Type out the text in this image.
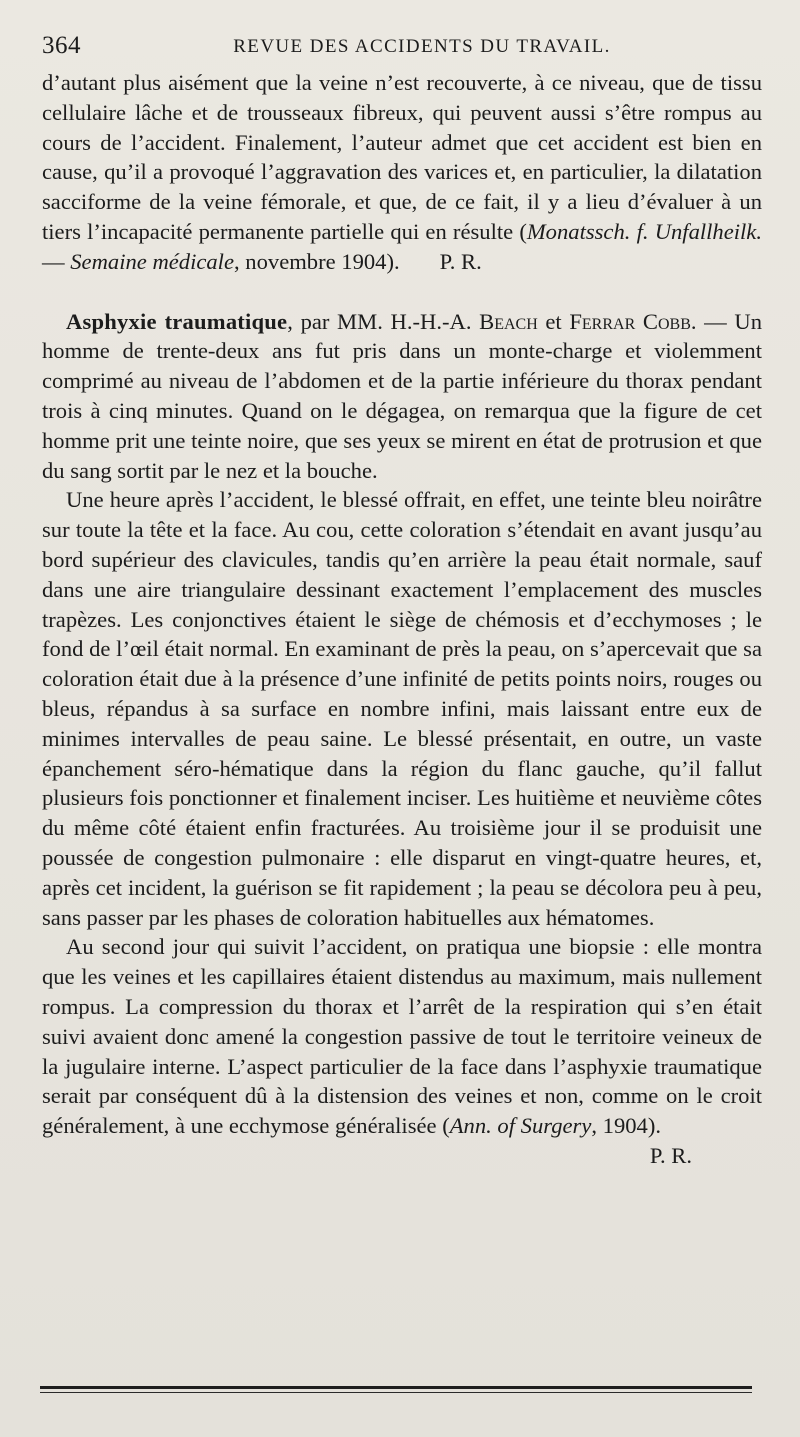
364	REVUE DES ACCIDENTS DU TRAVAIL.

d’autant plus aisément que la veine n’est recouverte, à ce niveau, que de tissu cellulaire lâche et de trousseaux fibreux, qui peuvent aussi s’être rompus au cours de l’accident. Finalement, l’auteur admet que cet accident est bien en cause, qu’il a provoqué l’aggravation des varices et, en particulier, la dilatation sacciforme de la veine fémorale, et que, de ce fait, il y a lieu d’évaluer à un tiers l’incapacité permanente partielle qui en résulte (Monatssch. f. Unfallheilk. — Semaine médicale, novembre 1904). P. R.

Asphyxie traumatique, par MM. H.-H.-A. Beach et Ferrar Cobb. — Un homme de trente-deux ans fut pris dans un monte-charge et violemment comprimé au niveau de l’abdomen et de la partie inférieure du thorax pendant trois à cinq minutes. Quand on le dégagea, on remarqua que la figure de cet homme prit une teinte noire, que ses yeux se mirent en état de protrusion et que du sang sortit par le nez et la bouche.

Une heure après l’accident, le blessé offrait, en effet, une teinte bleu noirâtre sur toute la tête et la face. Au cou, cette coloration s’étendait en avant jusqu’au bord supérieur des clavicules, tandis qu’en arrière la peau était normale, sauf dans une aire triangulaire dessinant exactement l’emplacement des muscles trapèzes. Les conjonctives étaient le siège de chémosis et d’ecchymoses ; le fond de l’œil était normal. En examinant de près la peau, on s’apercevait que sa coloration était due à la présence d’une infinité de petits points noirs, rouges ou bleus, répandus à sa surface en nombre infini, mais laissant entre eux de minimes intervalles de peau saine. Le blessé présentait, en outre, un vaste épanchement séro-hématique dans la région du flanc gauche, qu’il fallut plusieurs fois ponctionner et finalement inciser. Les huitième et neuvième côtes du même côté étaient enfin fracturées. Au troisième jour il se produisit une poussée de congestion pulmonaire : elle disparut en vingt-quatre heures, et, après cet incident, la guérison se fit rapidement ; la peau se décolora peu à peu, sans passer par les phases de coloration habituelles aux hématomes.

Au second jour qui suivit l’accident, on pratiqua une biopsie : elle montra que les veines et les capillaires étaient distendus au maximum, mais nullement rompus. La compression du thorax et l’arrêt de la respiration qui s’en était suivi avaient donc amené la congestion passive de tout le territoire veineux de la jugulaire interne. L’aspect particulier de la face dans l’asphyxie traumatique serait par conséquent dû à la distension des veines et non, comme on le croit généralement, à une ecchymose généralisée (Ann. of Surgery, 1904).
P. R.
